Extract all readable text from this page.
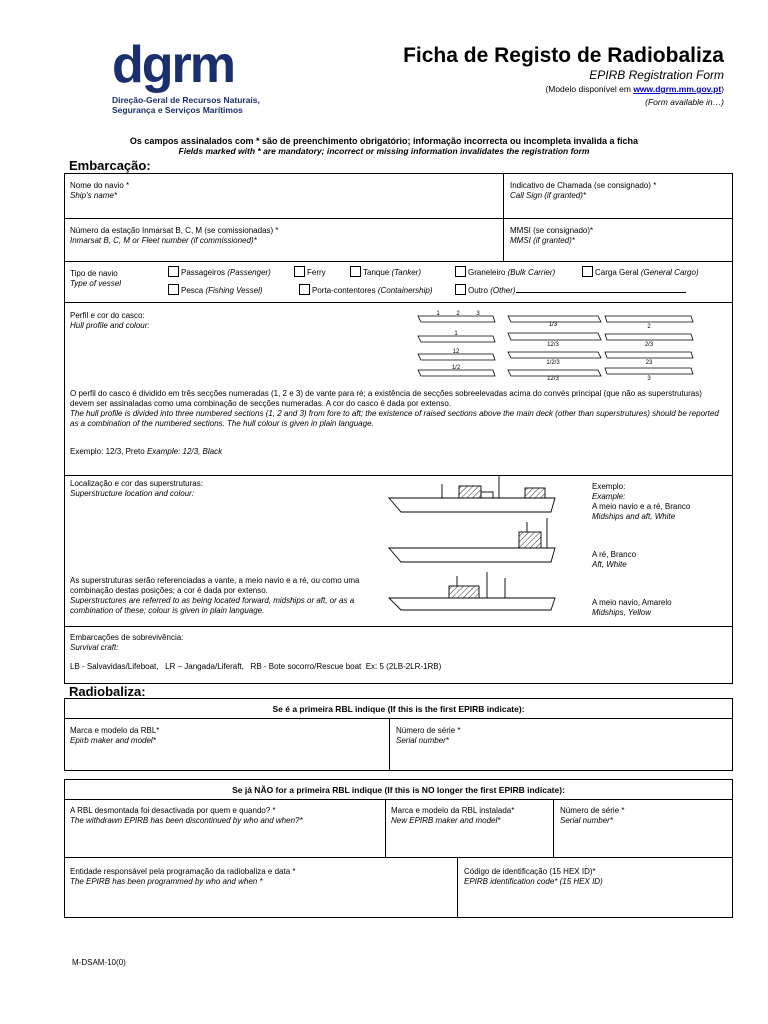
dgrm
Direção-Geral de Recursos Naturais,
Segurança e Serviços Marítimos
Ficha de Registo de Radiobaliza
EPIRB Registration Form
(Modelo disponível em www.dgrm.mm.gov.pt)
(Form available in…)
Os campos assinalados com * são de preenchimento obrigatório; informação incorrecta ou incompleta invalida a ficha
Fields marked with * are mandatory; incorrect or missing information invalidates the registration form
Embarcação:
Nome do navio *
Ship’s name*
Indicativo de Chamada (se consignado) *
Call Sign (if granted)*
Número da estação Inmarsat B, C, M (se comissionadas) *
Inmarsat B, C, M or Fleet number (if commissioned)*
MMSI (se consignado)*
MMSI (if granted)*
Tipo de navio
Type of vessel
Passageiros (Passenger)	Ferry	Tanque (Tanker)	Graneleiro (Bulk Carrier)	Carga Geral (General Cargo)
Pesca (Fishing Vessel)	Porta-contentores (Containership)	Outro (Other)
Perfil e cor do casco:
Hull profile and colour:
1	2	3
1/3	2
1
12/3	2/3
12
1/2/3	23
1/2
12/3	3
O perfil do casco é dividido em três secções numeradas (1, 2 e 3) de vante para ré; a existência de secções sobreelevadas acima do convés principal (que não as superstruturas) devem ser assinaladas como uma combinação de secções numeradas. A cor do casco é dada por extenso.
The hull profile is divided into three numbered sections (1, 2 and 3) from fore to aft; the existence of raised sections above the main deck (other than superstrutures) should be reported as a combination of the numbered sections. The hull colour is given in plain language.
Exemplo: 12/3, Preto Example: 12/3, Black
Localização e cor das superstruturas:
Superstructure location and colour:
Exemplo:
Example:
A meio navio e a ré, Branco
Midships and aft, White
A ré, Branco
Aft, White
A meio navio, Amarelo
Midships, Yellow
As superstruturas serão referenciadas a vante, a meio navio e a ré, ou como uma combinação destas posições; a cor é dada por extenso.
Superstructures are referred to as being located forward, midships or aft, or as a combination of these; colour is given in plain language.
Embarcações de sobrevivência:
Survival craft:
LB - Salvavidas/Lifeboat,   LR – Jangada/Liferaft,   RB - Bote socorro/Rescue boat  Ex: 5 (2LB-2LR-1RB)
Radiobaliza:
Se é a primeira RBL indique (If this is the first EPIRB indicate):
Marca e modelo da RBL*
Epirb maker and model*
Número de série *
Serial number*
Se já NÃO for a primeira RBL indique (If this is NO longer the first EPIRB indicate):
A RBL desmontada foi desactivada por quem e quando? *
The withdrawn EPIRB has been discontinued by who and when?*
Marca e modelo da RBL instalada*
New EPIRB maker and model*
Número de série *
Serial number*
Entidade responsável pela programação da radiobaliza e data *
The EPIRB has been programmed by who and when *
Código de identificação (15 HEX ID)*
EPIRB identification code* (15 HEX ID)
M-DSAM-10(0)
